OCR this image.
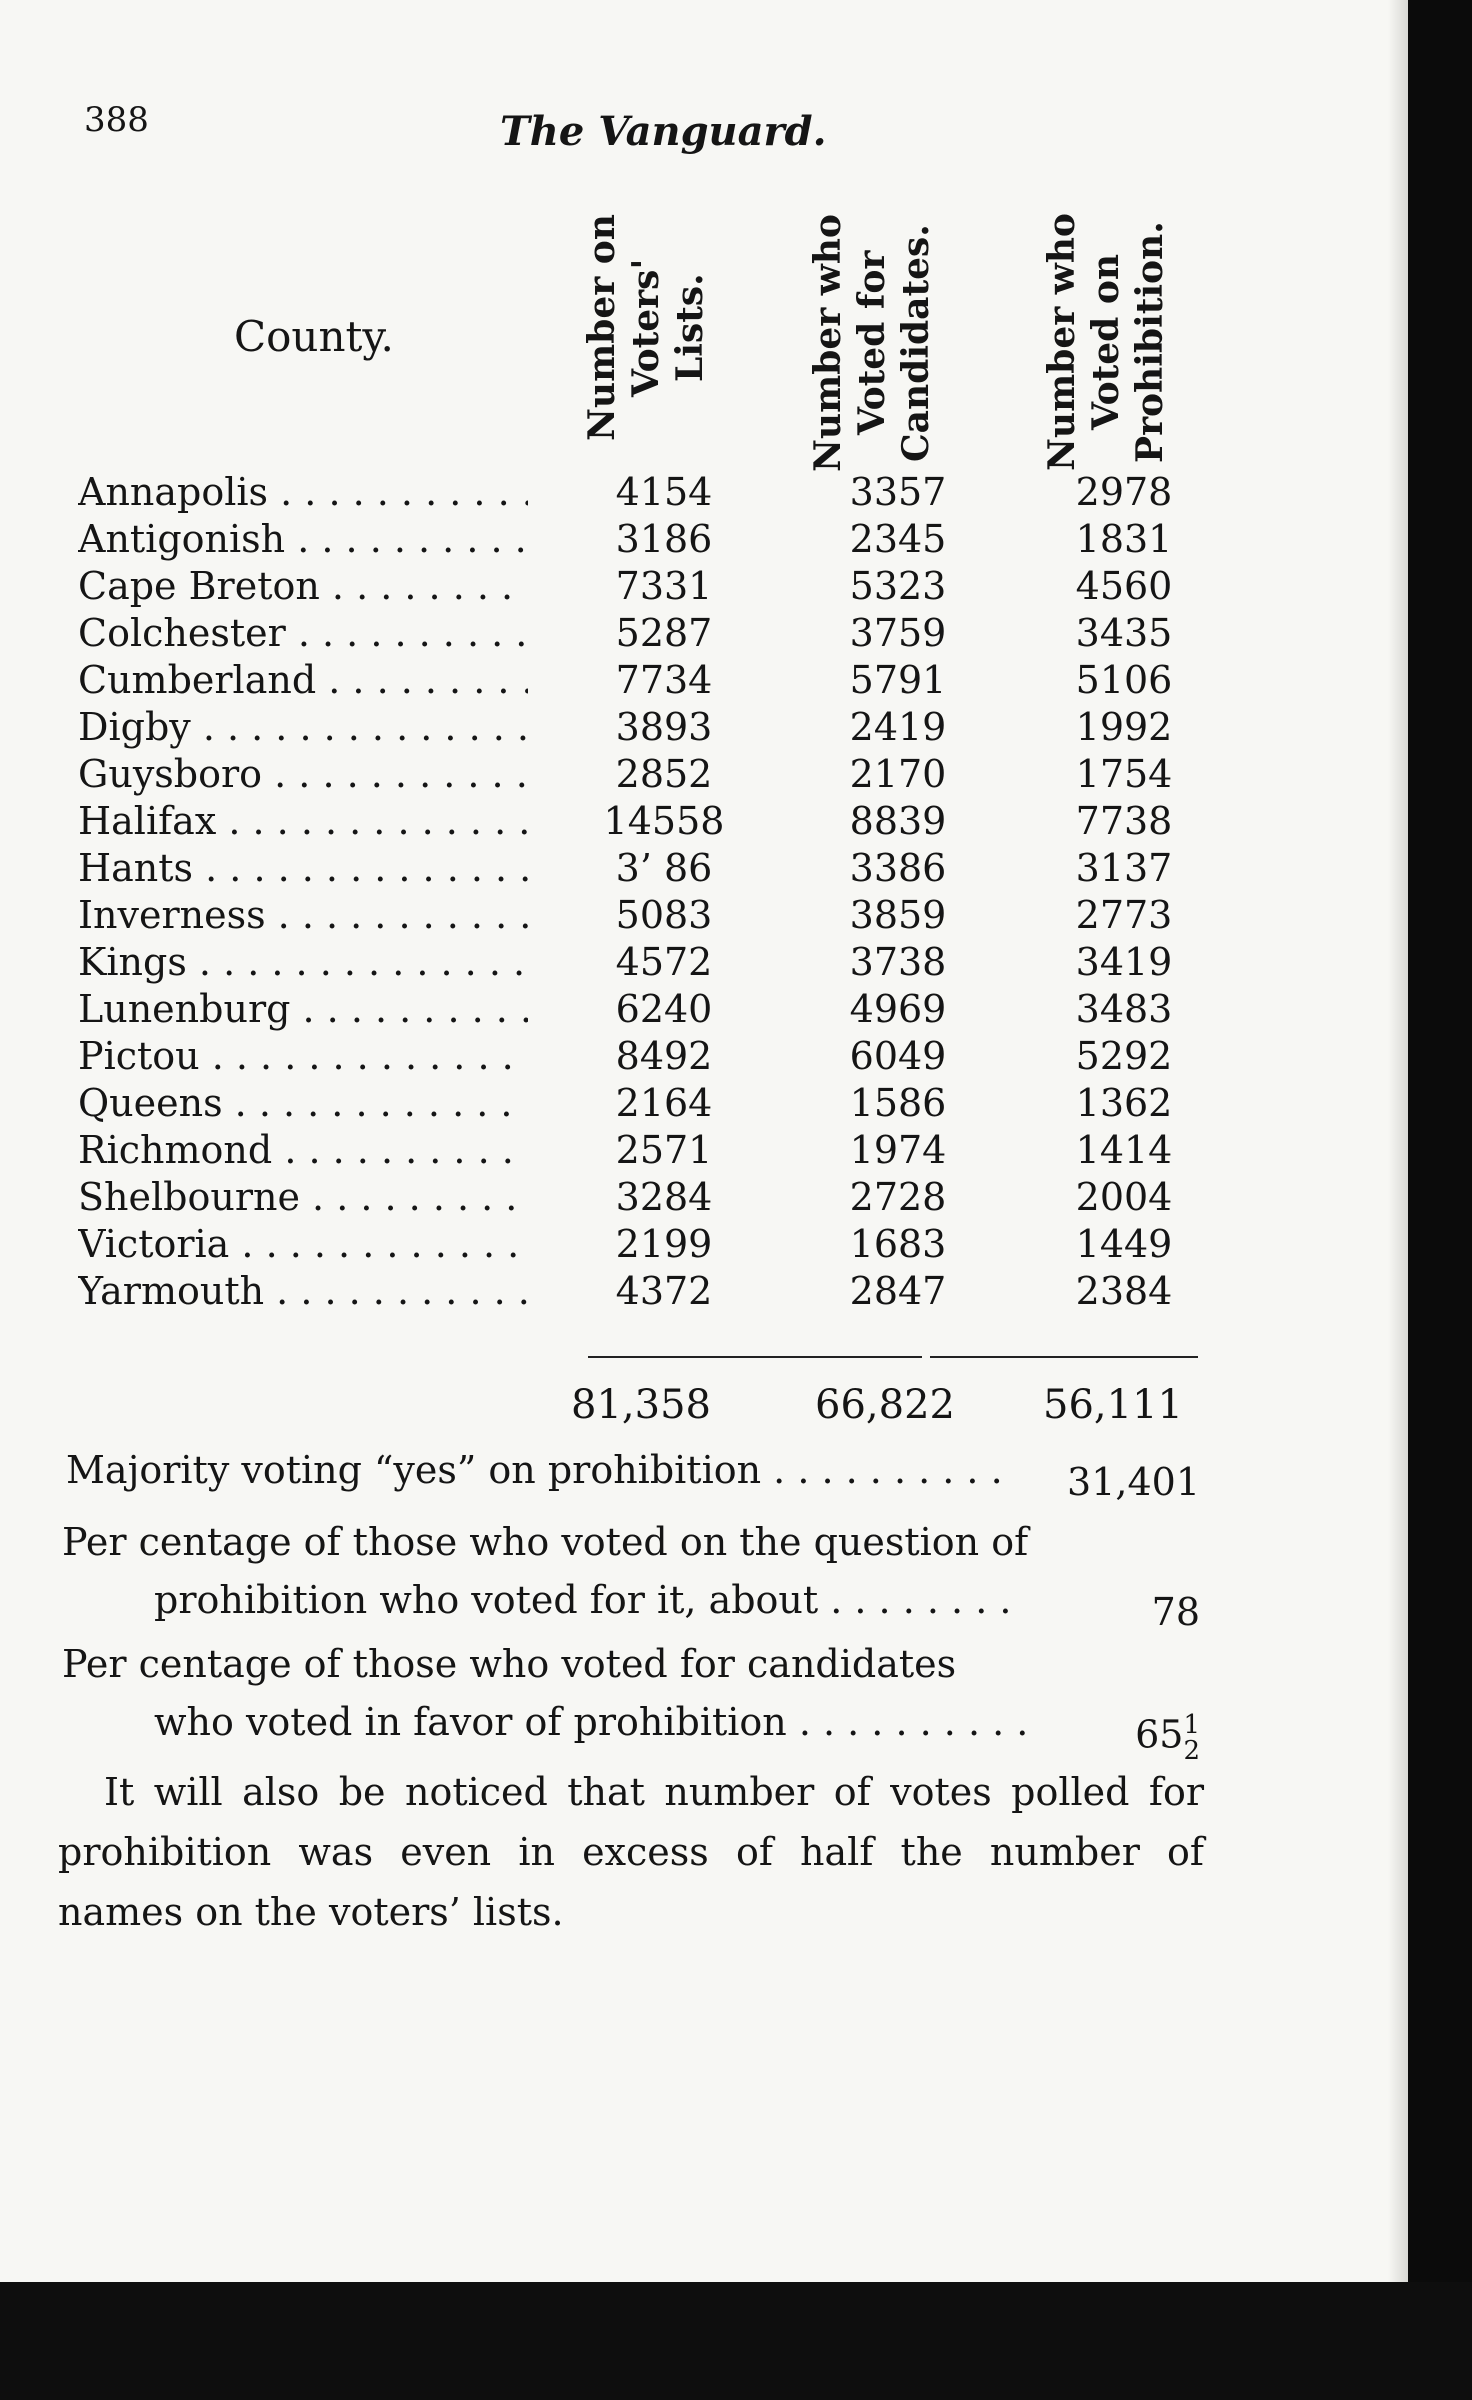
388	The Vanguard.
County.	Number on Voters' Lists.	Number who Voted for Candidates.	Number who Voted on Prohibition.
Annapolis . . .	4154	3357	2978
Antigonish . . .	3186	2345	1831
Cape Breton . . .	7331	5323	4560
Colchester . . .	5287	3759	3435
Cumberland . . .	7734	5791	5106
Digby . . .	3893	2419	1992
Guysboro . . .	2852	2170	1754
Halifax . . .	14558	8839	7738
Hants . . .	3’ 86	3386	3137
Inverness . . .	5083	3859	2773
Kings . . .	4572	3738	3419
Lunenburg . . .	6240	4969	3483
Pictou . . .	8492	6049	5292
Queens . . .	2164	1586	1362
Richmond . . .	2571	1974	1414
Shelbourne . . .	3284	2728	2004
Victoria . . .	2199	1683	1449
Yarmouth . . .	4372	2847	2384
81,358	66,822	56,111
Majority voting “yes” on prohibition . . . . . . . . . .	31,401
Per centage of those who voted on the question of
prohibition who voted for it, about . . . . . . . .	78
Per centage of those who voted for candidates
who voted in favor of prohibition . . . . . . . . . .	65 1
2

It will also be noticed that number of votes polled for prohibition was even in excess of half the number of names on the voters’ lists.
